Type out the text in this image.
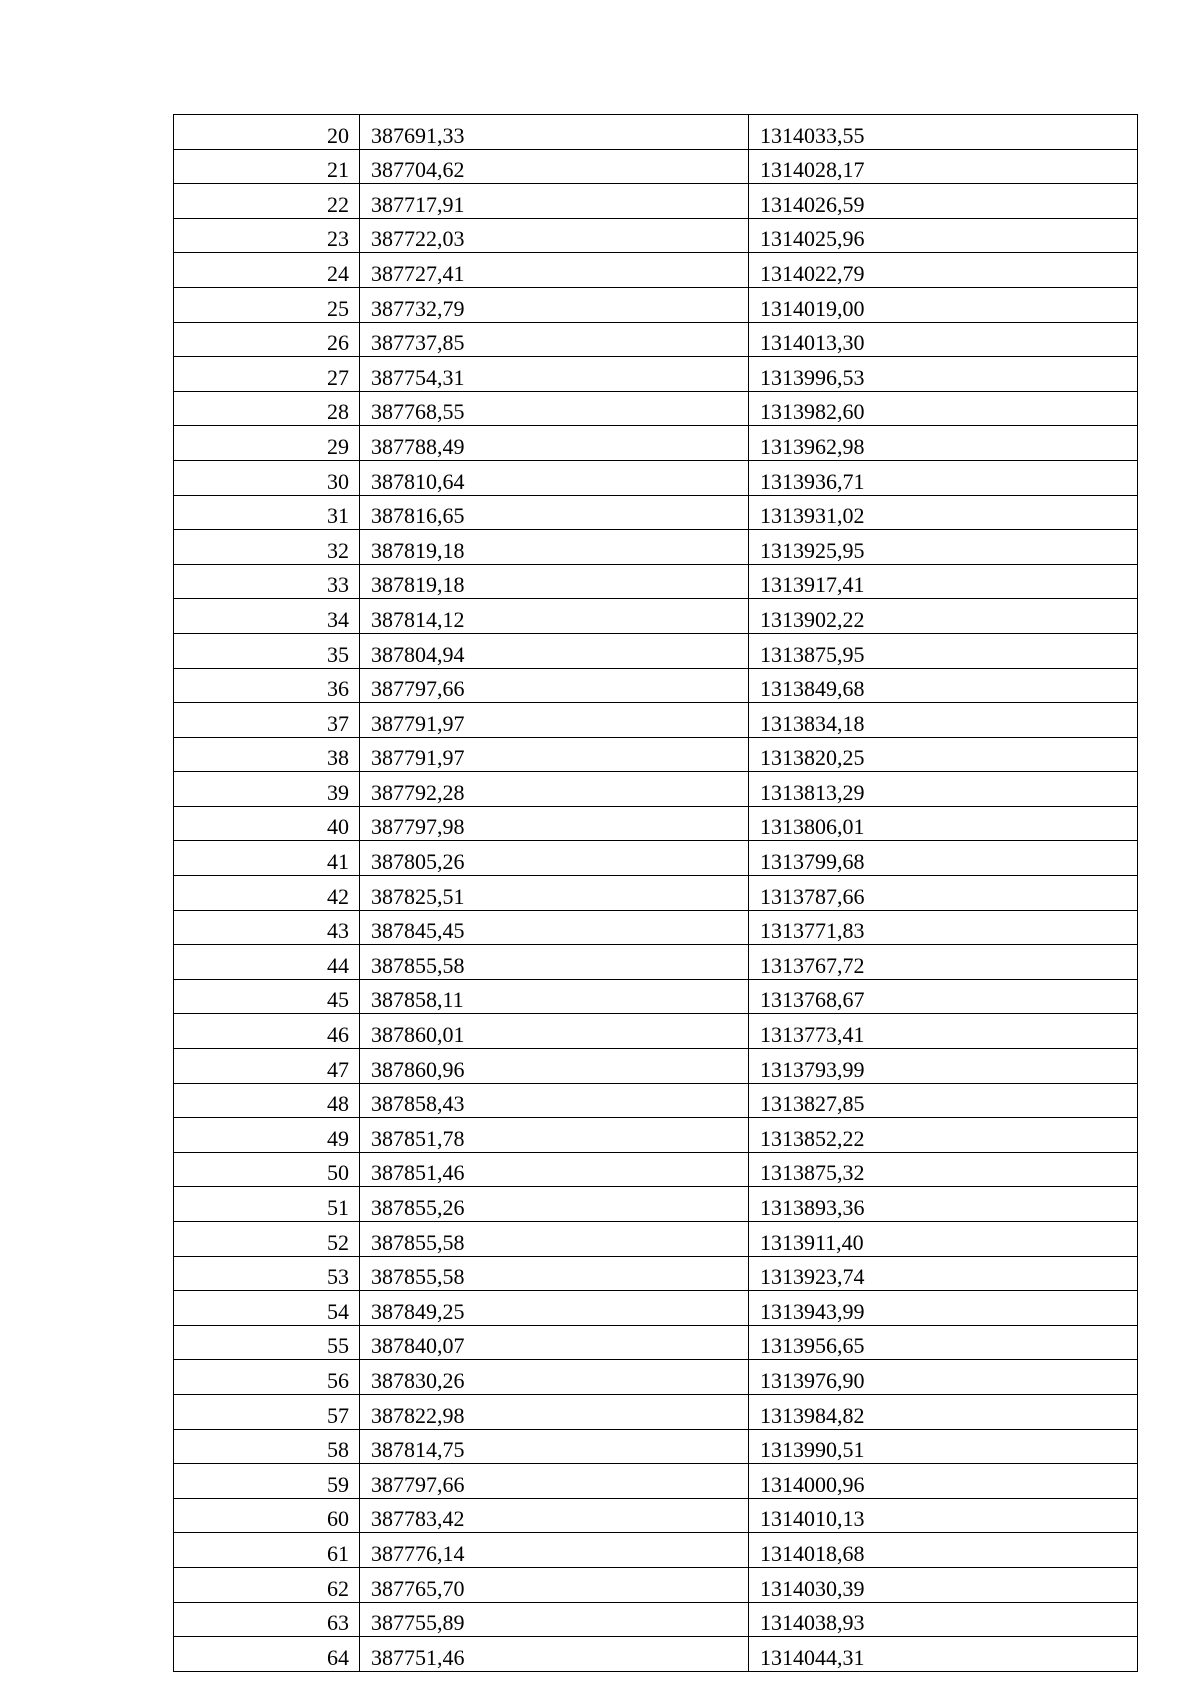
20	387691,33	1314033,55
21	387704,62	1314028,17
22	387717,91	1314026,59
23	387722,03	1314025,96
24	387727,41	1314022,79
25	387732,79	1314019,00
26	387737,85	1314013,30
27	387754,31	1313996,53
28	387768,55	1313982,60
29	387788,49	1313962,98
30	387810,64	1313936,71
31	387816,65	1313931,02
32	387819,18	1313925,95
33	387819,18	1313917,41
34	387814,12	1313902,22
35	387804,94	1313875,95
36	387797,66	1313849,68
37	387791,97	1313834,18
38	387791,97	1313820,25
39	387792,28	1313813,29
40	387797,98	1313806,01
41	387805,26	1313799,68
42	387825,51	1313787,66
43	387845,45	1313771,83
44	387855,58	1313767,72
45	387858,11	1313768,67
46	387860,01	1313773,41
47	387860,96	1313793,99
48	387858,43	1313827,85
49	387851,78	1313852,22
50	387851,46	1313875,32
51	387855,26	1313893,36
52	387855,58	1313911,40
53	387855,58	1313923,74
54	387849,25	1313943,99
55	387840,07	1313956,65
56	387830,26	1313976,90
57	387822,98	1313984,82
58	387814,75	1313990,51
59	387797,66	1314000,96
60	387783,42	1314010,13
61	387776,14	1314018,68
62	387765,70	1314030,39
63	387755,89	1314038,93
64	387751,46	1314044,31
